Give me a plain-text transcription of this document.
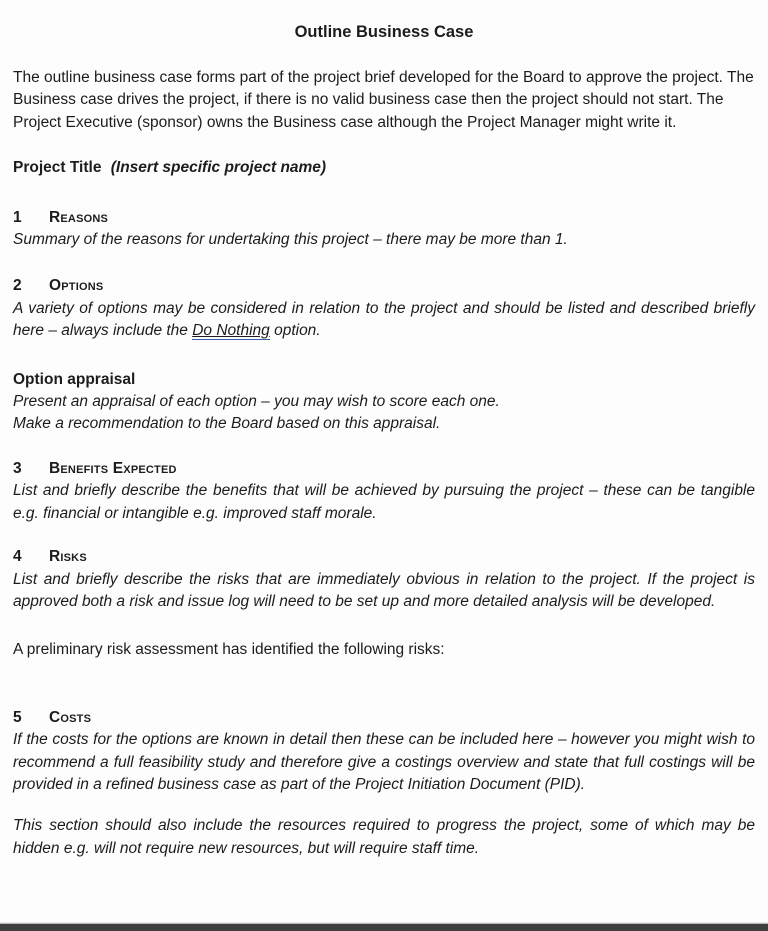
Outline Business Case

The outline business case forms part of the project brief developed for the Board to approve the project. The Business case drives the project, if there is no valid business case then the project should not start. The Project Executive (sponsor) owns the Business case although the Project Manager might write it.

Project Title (Insert specific project name)

1 Reasons

Summary of the reasons for undertaking this project – there may be more than 1.

2 Options

A variety of options may be considered in relation to the project and should be listed and described briefly here – always include the Do Nothing option.

Option appraisal

Present an appraisal of each option – you may wish to score each one.
Make a recommendation to the Board based on this appraisal.

3 Benefits Expected

List and briefly describe the benefits that will be achieved by pursuing the project – these can be tangible e.g. financial or intangible e.g. improved staff morale.

4 Risks

List and briefly describe the risks that are immediately obvious in relation to the project. If the project is approved both a risk and issue log will need to be set up and more detailed analysis will be developed.

A preliminary risk assessment has identified the following risks:

5 Costs

If the costs for the options are known in detail then these can be included here – however you might wish to recommend a full feasibility study and therefore give a costings overview and state that full costings will be provided in a refined business case as part of the Project Initiation Document (PID).

This section should also include the resources required to progress the project, some of which may be hidden e.g. will not require new resources, but will require staff time.
